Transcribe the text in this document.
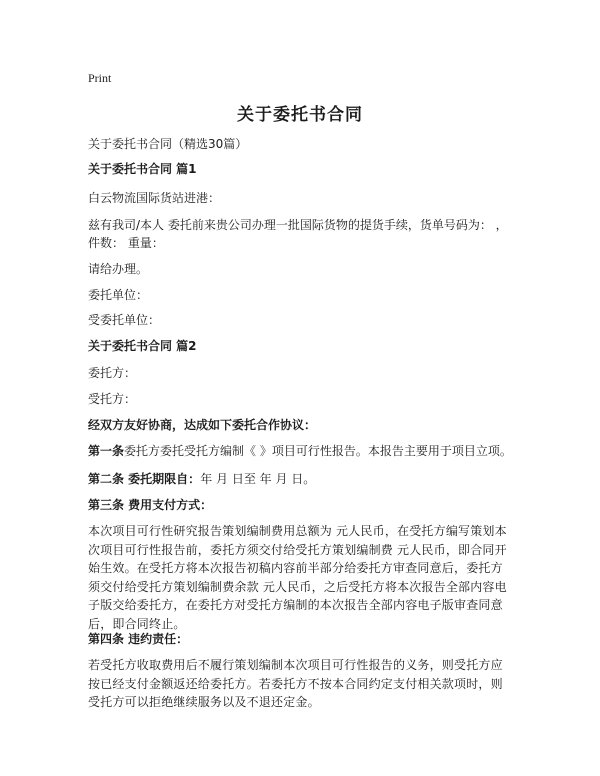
Print
关于委托书合同
关于委托书合同（精选30篇）
关于委托书合同 篇1
白云物流国际货站进港：
兹有我司/本人 委托前来贵公司办理一批国际货物的提货手续，货单号码为： ，
件数： 重量：
请给办理。
委托单位：
受委托单位：
关于委托书合同 篇2
委托方：
受托方：
经双方友好协商，达成如下委托合作协议：
第一条委托方委托受托方编制《 》项目可行性报告。本报告主要用于项目立项。
第二条 委托期限自：年 月 日至 年 月 日。
第三条 费用支付方式：
本次项目可行性研究报告策划编制费用总额为 元人民币，在受托方编写策划本次项目可行性报告前，委托方须交付给受托方策划编制费 元人民币，即合同开始生效。在受托方将本次报告初稿内容前半部分给委托方审查同意后，委托方须交付给受托方策划编制费余款 元人民币，之后受托方将本次报告全部内容电子版交给委托方，在委托方对受托方编制的本次报告全部内容电子版审查同意后，即合同终止。
第四条 违约责任：
若受托方收取费用后不履行策划编制本次项目可行性报告的义务，则受托方应按已经支付金额返还给委托方。若委托方不按本合同约定支付相关款项时，则受托方可以拒绝继续服务以及不退还定金。
